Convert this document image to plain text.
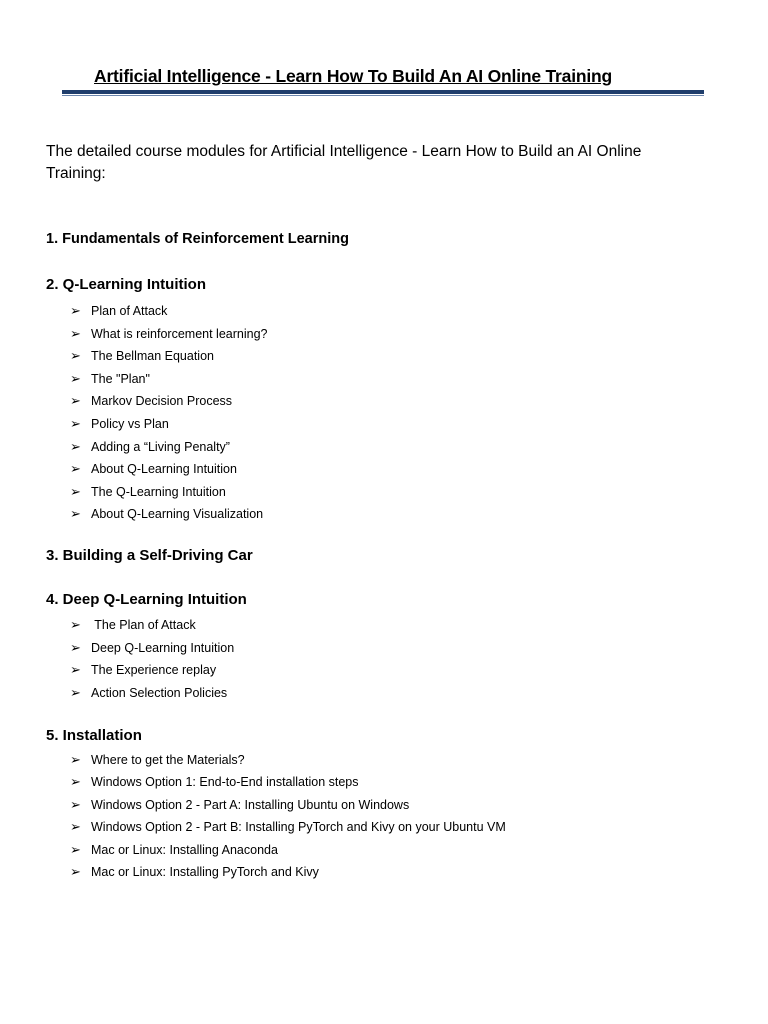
Artificial Intelligence - Learn How To Build An AI Online Training
The detailed course modules for Artificial Intelligence - Learn How to Build an AI Online Training:
1. Fundamentals of Reinforcement Learning
2. Q-Learning Intuition
➢ Plan of Attack
➢ What is reinforcement learning?
➢ The Bellman Equation
➢ The "Plan"
➢ Markov Decision Process
➢ Policy vs Plan
➢ Adding a “Living Penalty”
➢ About Q-Learning Intuition
➢ The Q-Learning Intuition
➢ About Q-Learning Visualization
3. Building a Self-Driving Car
4. Deep Q-Learning Intuition
➢ The Plan of Attack
➢ Deep Q-Learning Intuition
➢ The Experience replay
➢ Action Selection Policies
5. Installation
➢ Where to get the Materials?
➢ Windows Option 1: End-to-End installation steps
➢ Windows Option 2 - Part A: Installing Ubuntu on Windows
➢ Windows Option 2 - Part B: Installing PyTorch and Kivy on your Ubuntu VM
➢ Mac or Linux: Installing Anaconda
➢ Mac or Linux: Installing PyTorch and Kivy
